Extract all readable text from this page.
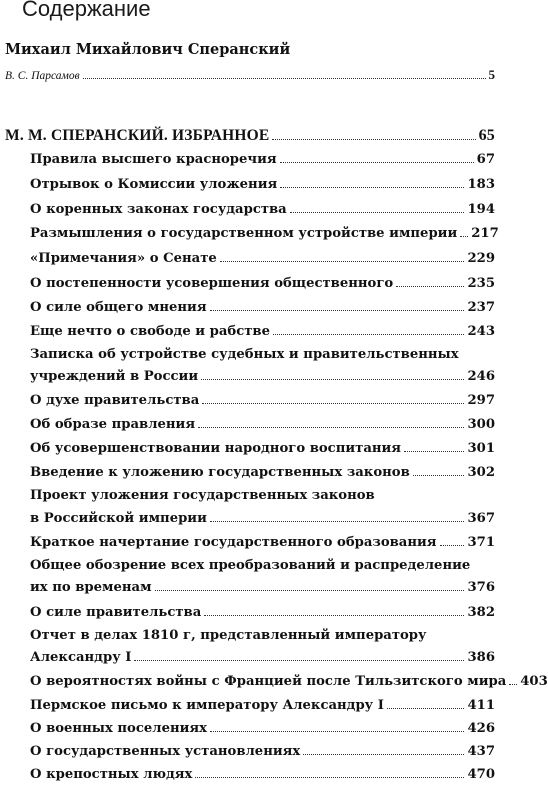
Содержание
Михаил Михайлович Сперанский
В. С. Парсамов	5
М. М. СПЕРАНСКИЙ. ИЗБРАННОЕ	65
Правила высшего красноречия	67
Отрывок о Комиссии уложения	183
О коренных законах государства	194
Размышления о государственном устройстве империи 217
«Примечания» о Сенате	229
О постепенности усовершения общественного	235
О силе общего мнения	237
Еще нечто о свободе и рабстве	243
Записка об устройстве судебных и правительственных
учреждений в России	246
О духе правительства	297
Об образе правления	300
Об усовершенствовании народного воспитания	301
Введение к уложению государственных законов	302
Проект уложения государственных законов
в Российской империи	367
Краткое начертание государственного образования 371
Общее обозрение всех преобразований и распределение
их по временам	376
О силе правительства	382
Отчет в делах 1810 г, представленный императору
Александру I	386
О вероятностях войны с Францией после Тильзитского мира 403
Пермское письмо к императору Александру I	411
О военных поселениях	426
О государственных установлениях	437
О крепостных людях	470
